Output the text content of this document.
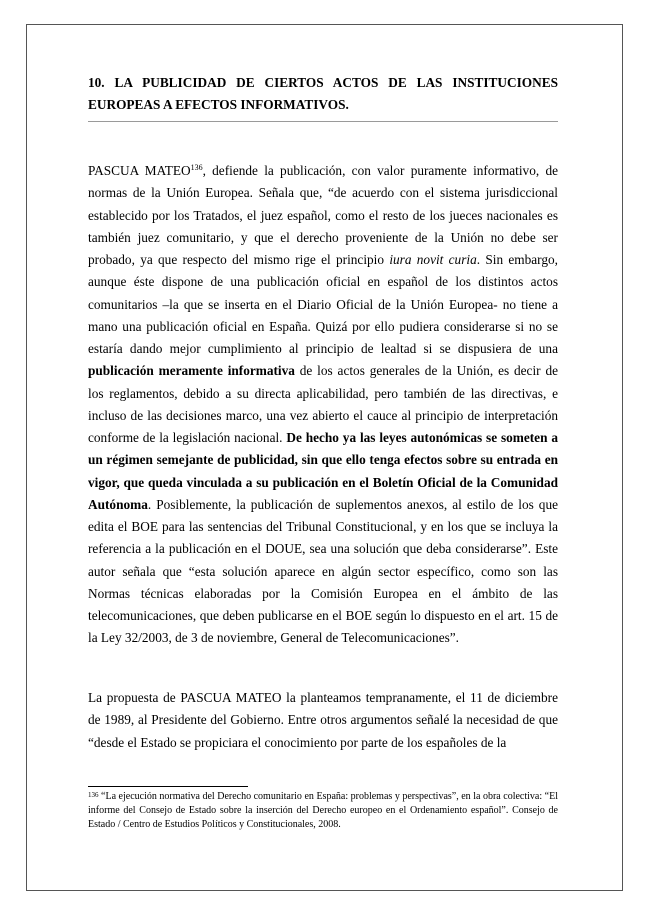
10. LA PUBLICIDAD DE CIERTOS ACTOS DE LAS INSTITUCIONES EUROPEAS A EFECTOS INFORMATIVOS.

PASCUA MATEO$^{136}$, defiende la publicación, con valor puramente informativo, de normas de la Unión Europea. Señala que, “de acuerdo con el sistema jurisdiccional establecido por los Tratados, el juez español, como el resto de los jueces nacionales es también juez comunitario, y que el derecho proveniente de la Unión no debe ser probado, ya que respecto del mismo rige el principio iura novit curia. Sin embargo, aunque éste dispone de una publicación oficial en español de los distintos actos comunitarios –la que se inserta en el Diario Oficial de la Unión Europea- no tiene a mano una publicación oficial en España. Quizá por ello pudiera considerarse si no se estaría dando mejor cumplimiento al principio de lealtad si se dispusiera de una publicación meramente informativa de los actos generales de la Unión, es decir de los reglamentos, debido a su directa aplicabilidad, pero también de las directivas, e incluso de las decisiones marco, una vez abierto el cauce al principio de interpretación conforme de la legislación nacional. De hecho ya las leyes autonómicas se someten a un régimen semejante de publicidad, sin que ello tenga efectos sobre su entrada en vigor, que queda vinculada a su publicación en el Boletín Oficial de la Comunidad Autónoma. Posiblemente, la publicación de suplementos anexos, al estilo de los que edita el BOE para las sentencias del Tribunal Constitucional, y en los que se incluya la referencia a la publicación en el DOUE, sea una solución que deba considerarse”. Este autor señala que “esta solución aparece en algún sector específico, como son las Normas técnicas elaboradas por la Comisión Europea en el ámbito de las telecomunicaciones, que deben publicarse en el BOE según lo dispuesto en el art. 15 de la Ley 32/2003, de 3 de noviembre, General de Telecomunicaciones”.

La propuesta de PASCUA MATEO la planteamos tempranamente, el 11 de diciembre de 1989, al Presidente del Gobierno. Entre otros argumentos señalé la necesidad de que “desde el Estado se propiciara el conocimiento por parte de los españoles de la

$^{136}$ “La ejecución normativa del Derecho comunitario en España: problemas y perspectivas”, en la obra colectiva: “El informe del Consejo de Estado sobre la inserción del Derecho europeo en el Ordenamiento español”. Consejo de Estado / Centro de Estudios Políticos y Constitucionales, 2008.
